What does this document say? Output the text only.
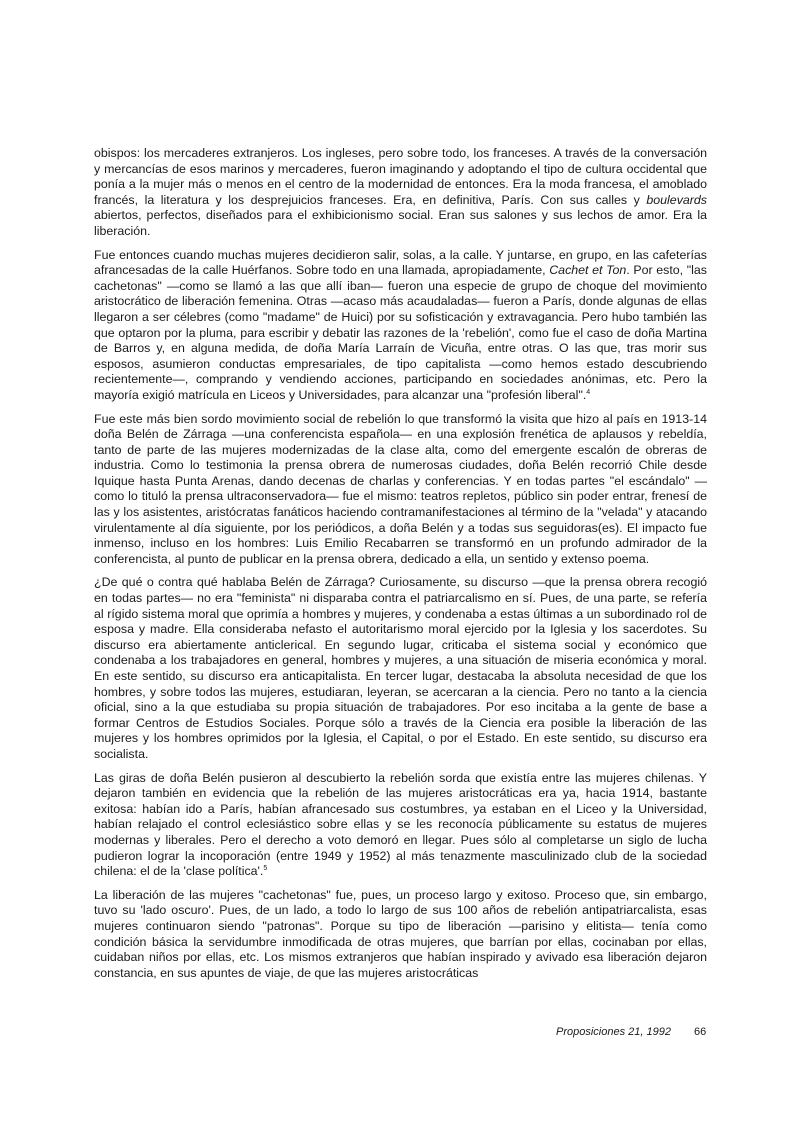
obispos: los mercaderes extranjeros. Los ingleses, pero sobre todo, los franceses. A través de la conversación y mercancías de esos marinos y mercaderes, fueron imaginando y adoptando el tipo de cultura occidental que ponía a la mujer más o menos en el centro de la modernidad de entonces. Era la moda francesa, el amoblado francés, la literatura y los desprejuicios franceses. Era, en definitiva, París. Con sus calles y boulevards abiertos, perfectos, diseñados para el exhibicionismo social. Eran sus salones y sus lechos de amor. Era la liberación.

Fue entonces cuando muchas mujeres decidieron salir, solas, a la calle. Y juntarse, en grupo, en las cafeterías afrancesadas de la calle Huérfanos. Sobre todo en una llamada, apropiadamente, Cachet et Ton. Por esto, "las cachetonas" —como se llamó a las que allí iban— fueron una especie de grupo de choque del movimiento aristocrático de liberación femenina. Otras —acaso más acaudaladas— fueron a París, donde algunas de ellas llegaron a ser célebres (como "madame" de Huici) por su sofisticación y extravagancia. Pero hubo también las que optaron por la pluma, para escribir y debatir las razones de la 'rebelión', como fue el caso de doña Martina de Barros y, en alguna medida, de doña María Larraín de Vicuña, entre otras. O las que, tras morir sus esposos, asumieron conductas empresariales, de tipo capitalista —como hemos estado descubriendo recientemente—, comprando y vendiendo acciones, participando en sociedades anónimas, etc. Pero la mayoría exigió matrícula en Liceos y Universidades, para alcanzar una "profesión liberal".$^4$

Fue este más bien sordo movimiento social de rebelión lo que transformó la visita que hizo al país en 1913-14 doña Belén de Zárraga —una conferencista española— en una explosión frenética de aplausos y rebeldía, tanto de parte de las mujeres modernizadas de la clase alta, como del emergente escalón de obreras de industria. Como lo testimonia la prensa obrera de numerosas ciudades, doña Belén recorrió Chile desde Iquique hasta Punta Arenas, dando decenas de charlas y conferencias. Y en todas partes "el escándalo" —como lo tituló la prensa ultraconservadora— fue el mismo: teatros repletos, público sin poder entrar, frenesí de las y los asistentes, aristócratas fanáticos haciendo contramanifestaciones al término de la "velada" y atacando virulentamente al día siguiente, por los periódicos, a doña Belén y a todas sus seguidoras(es). El impacto fue inmenso, incluso en los hombres: Luis Emilio Recabarren se transformó en un profundo admirador de la conferencista, al punto de publicar en la prensa obrera, dedicado a ella, un sentido y extenso poema.

¿De qué o contra qué hablaba Belén de Zárraga? Curiosamente, su discurso —que la prensa obrera recogió en todas partes— no era "feminista" ni disparaba contra el patriarcalismo en sí. Pues, de una parte, se refería al rígido sistema moral que oprimía a hombres y mujeres, y condenaba a estas últimas a un subordinado rol de esposa y madre. Ella consideraba nefasto el autoritarismo moral ejercido por la Iglesia y los sacerdotes. Su discurso era abiertamente anticlerical. En segundo lugar, criticaba el sistema social y económico que condenaba a los trabajadores en general, hombres y mujeres, a una situación de miseria económica y moral. En este sentido, su discurso era anticapitalista. En tercer lugar, destacaba la absoluta necesidad de que los hombres, y sobre todos las mujeres, estudiaran, leyeran, se acercaran a la ciencia. Pero no tanto a la ciencia oficial, sino a la que estudiaba su propia situación de trabajadores. Por eso incitaba a la gente de base a formar Centros de Estudios Sociales. Porque sólo a través de la Ciencia era posible la liberación de las mujeres y los hombres oprimidos por la Iglesia, el Capital, o por el Estado. En este sentido, su discurso era socialista.

Las giras de doña Belén pusieron al descubierto la rebelión sorda que existía entre las mujeres chilenas. Y dejaron también en evidencia que la rebelión de las mujeres aristocráticas era ya, hacia 1914, bastante exitosa: habían ido a París, habían afrancesado sus costumbres, ya estaban en el Liceo y la Universidad, habían relajado el control eclesiástico sobre ellas y se les reconocía públicamente su estatus de mujeres modernas y liberales. Pero el derecho a voto demoró en llegar. Pues sólo al completarse un siglo de lucha pudieron lograr la incoporación (entre 1949 y 1952) al más tenazmente masculinizado club de la sociedad chilena: el de la 'clase política'.$^5$

La liberación de las mujeres "cachetonas" fue, pues, un proceso largo y exitoso. Proceso que, sin embargo, tuvo su 'lado oscuro'. Pues, de un lado, a todo lo largo de sus 100 años de rebelión antipatriarcalista, esas mujeres continuaron siendo "patronas". Porque su tipo de liberación —parisino y elitista— tenía como condición básica la servidumbre inmodificada de otras mujeres, que barrían por ellas, cocinaban por ellas, cuidaban niños por ellas, etc. Los mismos extranjeros que habían inspirado y avivado esa liberación dejaron constancia, en sus apuntes de viaje, de que las mujeres aristocráticas

Proposiciones 21, 1992 66
